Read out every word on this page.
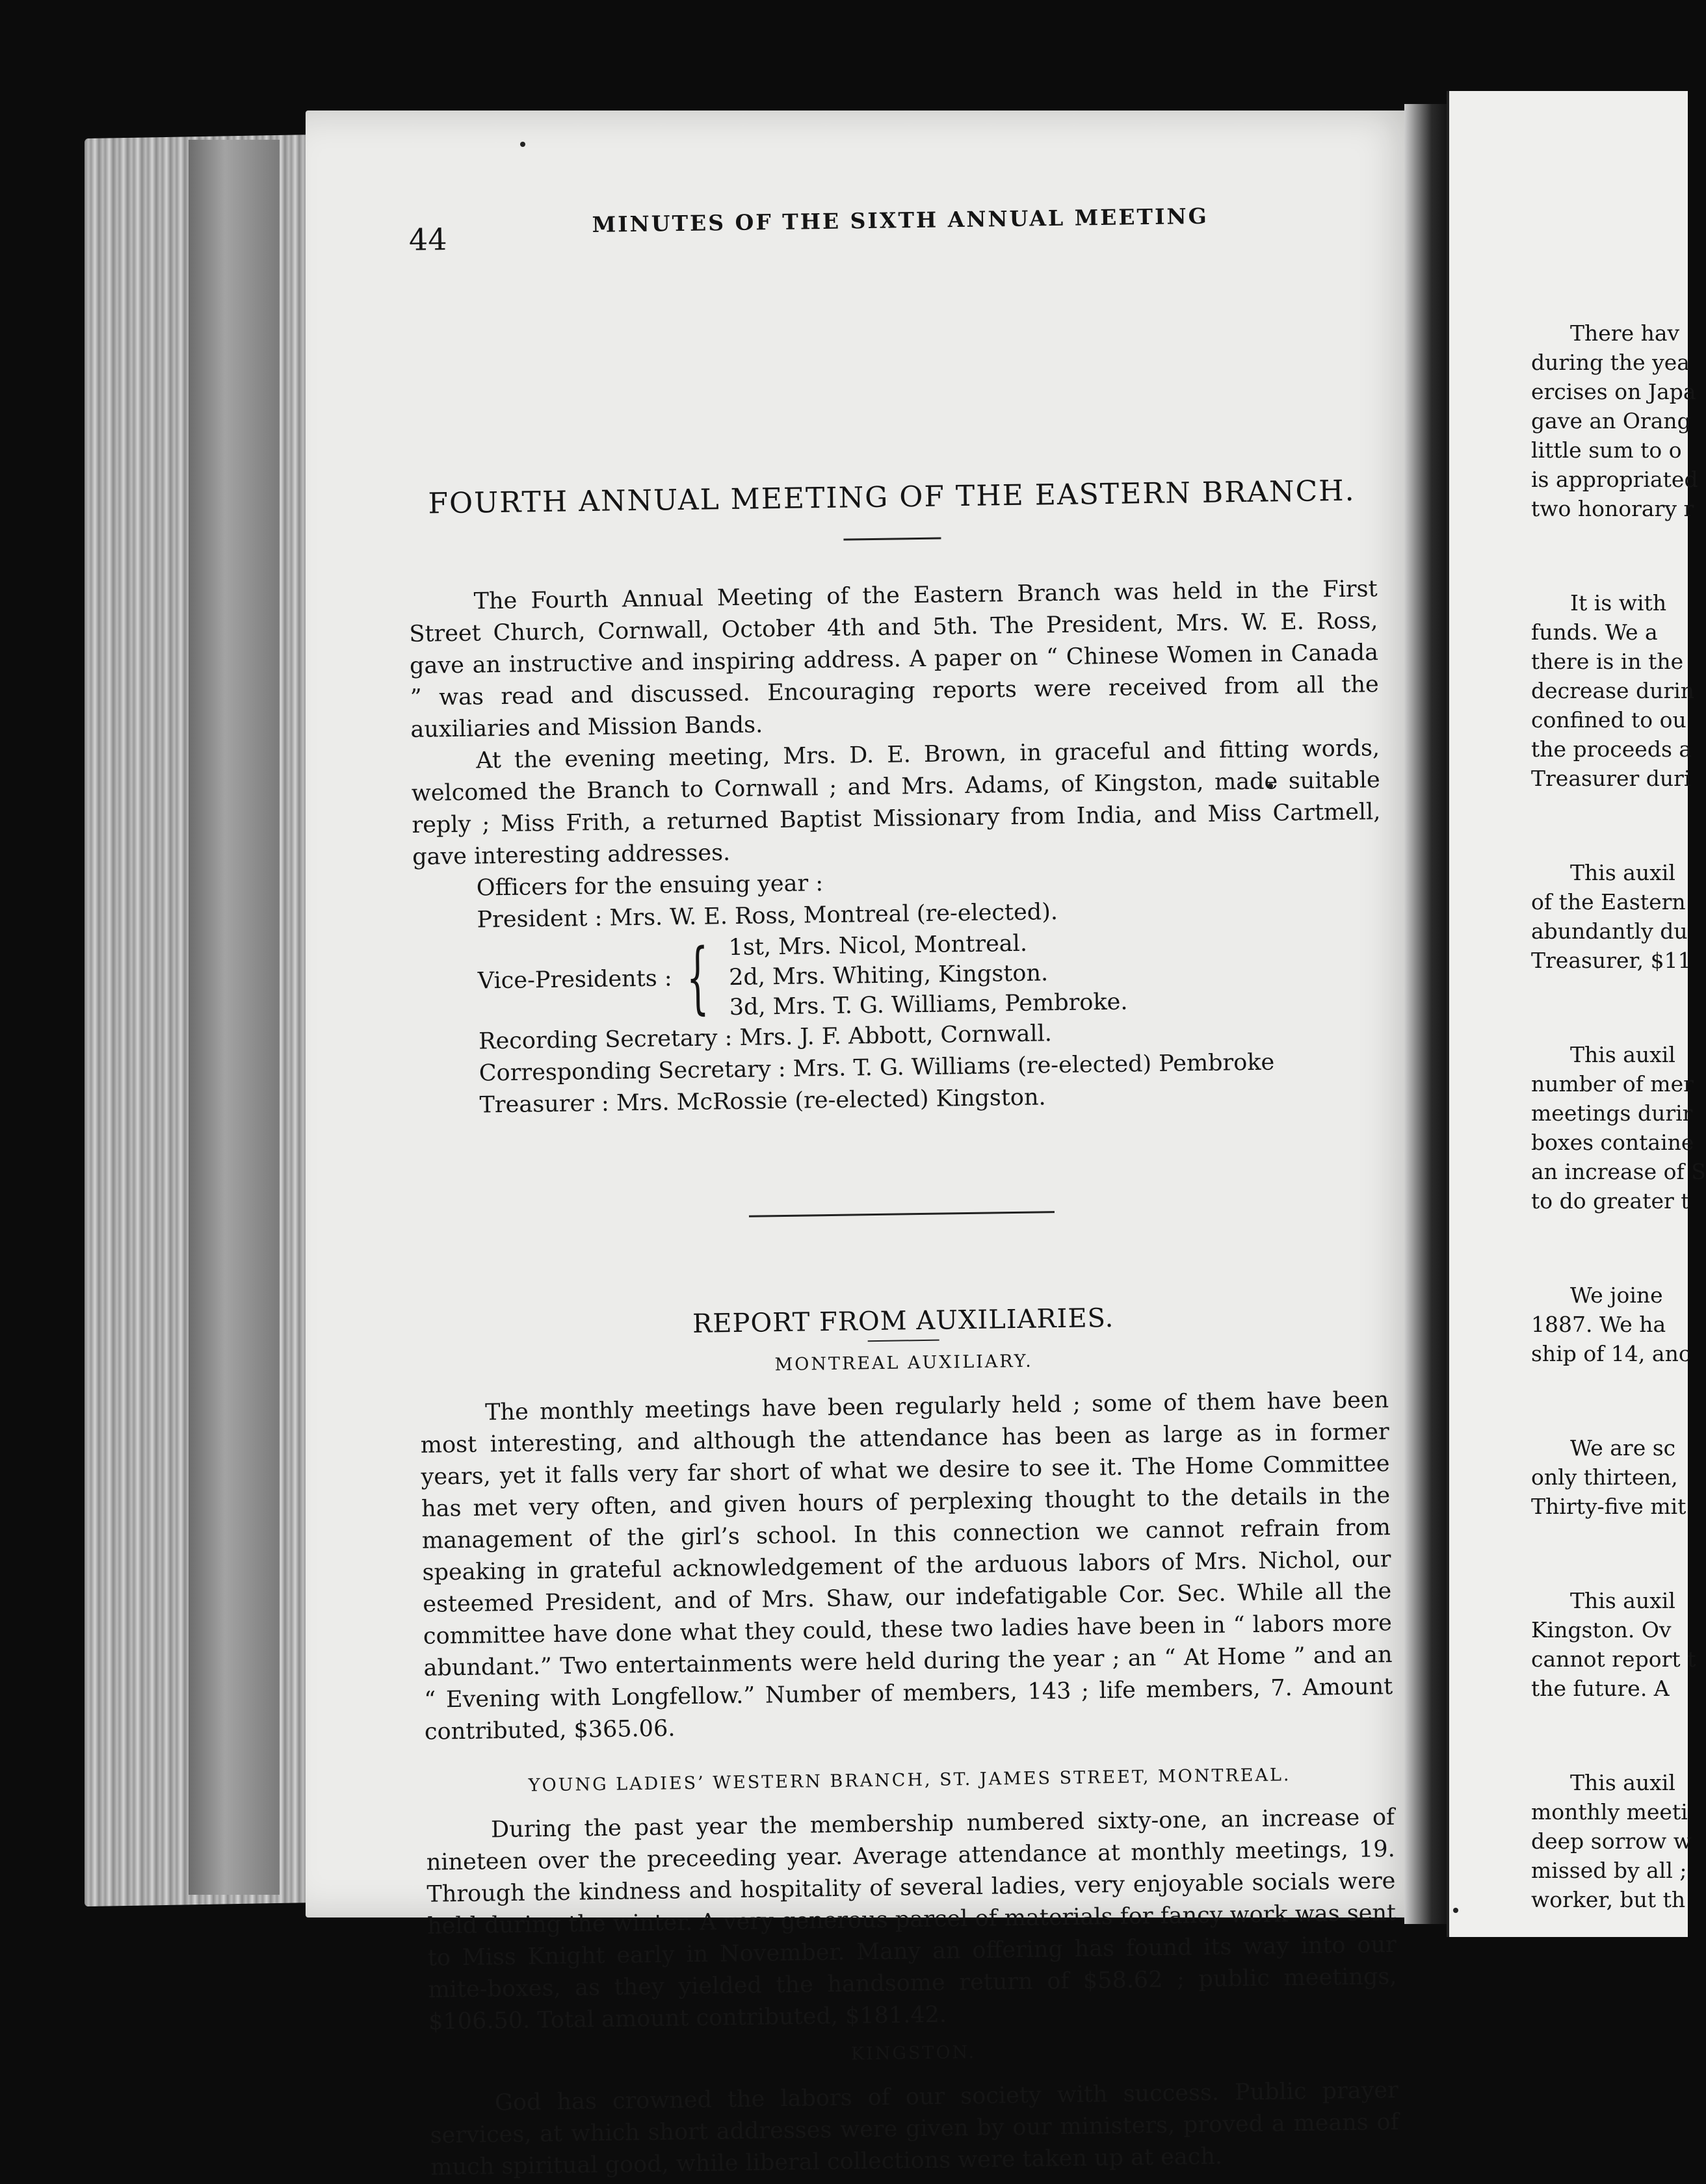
44
MINUTES OF THE SIXTH ANNUAL MEETING
FOURTH ANNUAL MEETING OF THE EASTERN BRANCH.

The Fourth Annual Meeting of the Eastern Branch was held in the First Street Church, Cornwall, October 4th and 5th. The President, Mrs. W. E. Ross, gave an instructive and inspiring address. A paper on “ Chinese Women in Canada ” was read and discussed. Encouraging reports were received from all the auxiliaries and Mission Bands.

At the evening meeting, Mrs. D. E. Brown, in graceful and fitting words, welcomed the Branch to Cornwall ; and Mrs. Adams, of Kingston, made suitable reply ; Miss Frith, a returned Baptist Missionary from India, and Miss Cartmell, gave interesting addresses.

Officers for the ensuing year :
President : Mrs. W. E. Ross, Montreal (re-elected).
Vice-Presidents : { 1st, Mrs. Nicol, Montreal.
2d, Mrs. Whiting, Kingston.
3d, Mrs. T. G. Williams, Pembroke.
Recording Secretary : Mrs. J. F. Abbott, Cornwall.
Corresponding Secretary : Mrs. T. G. Williams (re-elected) Pembroke
Treasurer : Mrs. McRossie (re-elected) Kingston.
REPORT FROM AUXILIARIES.
MONTREAL AUXILIARY.

The monthly meetings have been regularly held ; some of them have been most interesting, and although the attendance has been as large as in former years, yet it falls very far short of what we desire to see it. The Home Committee has met very often, and given hours of perplexing thought to the details in the management of the girl’s school. In this connection we cannot refrain from speaking in grateful acknowledgement of the arduous labors of Mrs. Nichol, our esteemed President, and of Mrs. Shaw, our indefatigable Cor. Sec. While all the committee have done what they could, these two ladies have been in “ labors more abundant.” Two entertainments were held during the year ; an “ At Home ” and an “ Evening with Longfellow.” Number of members, 143 ; life members, 7. Amount contributed, $365.06.

YOUNG LADIES’ WESTERN BRANCH, ST. JAMES STREET, MONTREAL.

During the past year the membership numbered sixty-one, an increase of nineteen over the preceeding year. Average attendance at monthly meetings, 19. Through the kindness and hospitality of several ladies, very enjoyable socials were held during the winter. A very generous parcel of materials for fancy work was sent to Miss Knight early in November. Many an offering has found its way into our mite-boxes, as they yielded the handsome return of $58.62 ; public meetings, $106.50. Total amount contributed, $181.42.

KINGSTON.

God has crowned the labors of our society with success. Public prayer services, at which short addresses were given by our ministers, proved a means of much spiritual good, while liberal collections were taken up at each.

There hav
during the yea
ercises on Japa
gave an Orang
little sum to o
is appropriated
two honorary r
It is with
funds. We a
there is in the
decrease durin
confined to ou
the proceeds a
Treasurer duri
This auxil
of the Eastern
abundantly du
Treasurer, $11
This auxil
number of mer
meetings durir
boxes containe
an increase of S
to do greater t
We joine
1887. We ha
ship of 14, anc
We are sc
only thirteen,
Thirty-five mit
This auxil
Kingston. Ov
cannot report t
the future. A
This auxil
monthly meeti
deep sorrow w
missed by all ;
worker, but th
